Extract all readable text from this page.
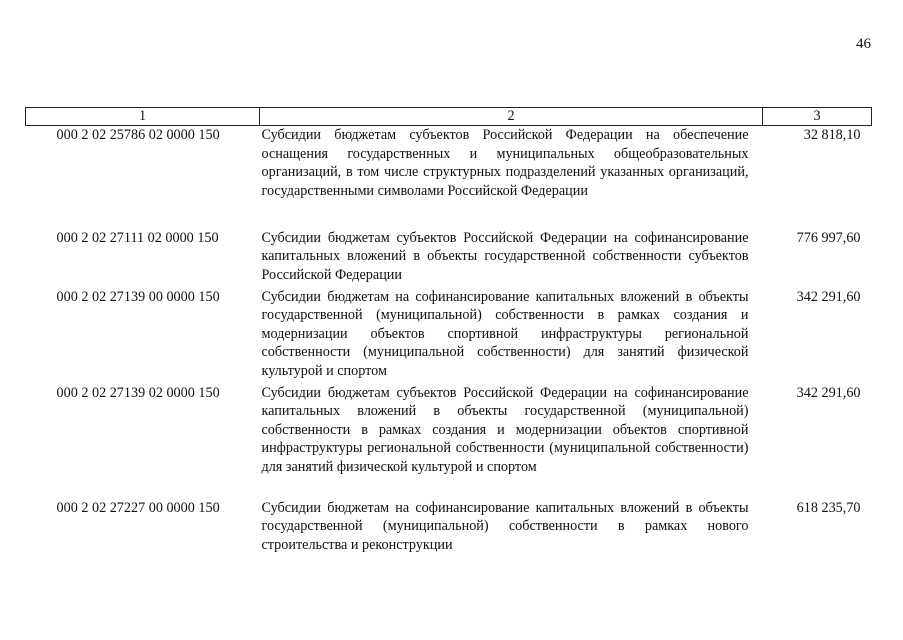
46
1	2	3
000 2 02 25786 02 0000 150	Субсидии бюджетам субъектов Российской Федерации на обеспечение оснащения государственных и муниципальных общеобразовательных организаций, в том числе структурных подразделений указанных организаций, государственными символами Российской Федерации	32 818,10
000 2 02 27111 02 0000 150	Субсидии бюджетам субъектов Российской Федерации на софинансирование капитальных вложений в объекты государственной собственности субъектов Российской Федерации	776 997,60
000 2 02 27139 00 0000 150	Субсидии бюджетам на софинансирование капитальных вложений в объекты государственной (муниципальной) собственности в рамках создания и модернизации объектов спортивной инфраструктуры региональной собственности (муниципальной собственности) для занятий физической культурой и спортом	342 291,60
000 2 02 27139 02 0000 150	Субсидии бюджетам субъектов Российской Федерации на софинансирование капитальных вложений в объекты государственной (муниципальной) собственности в рамках создания и модернизации объектов спортивной инфраструктуры региональной собственности (муниципальной собственности) для занятий физической культурой и спортом	342 291,60
000 2 02 27227 00 0000 150	Субсидии бюджетам на софинансирование капитальных вложений в объекты государственной (муниципальной) собственности в рамках нового строительства и реконструкции	618 235,70
